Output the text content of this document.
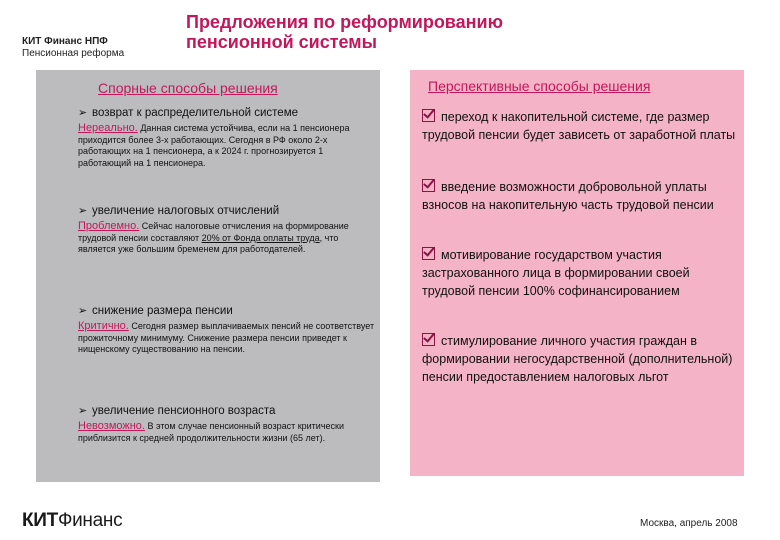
КИТ Финанс НПФ
Пенсионная реформа
Предложения по реформированию
пенсионной системы
Спорные способы решения
➢ возврат к распределительной системе
Нереально. Данная система устойчива, если на 1 пенсионера приходится более 3-х работающих. Сегодня в РФ около 2-х работающих на 1 пенсионера, а к 2024 г. прогнозируется 1 работающий на 1 пенсионера.
➢ увеличение налоговых отчислений
Проблемно. Сейчас налоговые отчисления на формирование трудовой пенсии составляют 20% от Фонда оплаты труда, что является уже большим бременем для работодателей.
➢ снижение размера пенсии
Критично. Сегодня размер выплачиваемых пенсий не соответствует прожиточному минимуму. Снижение размера пенсии приведет к нищенскому существованию на пенсии.
➢ увеличение пенсионного возраста
Невозможно. В этом случае пенсионный возраст критически приблизится к средней продолжительности жизни (65 лет).
Перспективные способы решения
переход к накопительной системе, где размер трудовой пенсии будет зависеть от заработной платы
введение возможности добровольной уплаты взносов на накопительную часть трудовой пенсии
мотивирование государством участия застрахованного лица в формировании своей трудовой пенсии 100% софинансированием
стимулирование личного участия граждан в формировании негосударственной (дополнительной) пенсии предоставлением налоговых льгот
КИТФинанс	Москва, апрель 2008
